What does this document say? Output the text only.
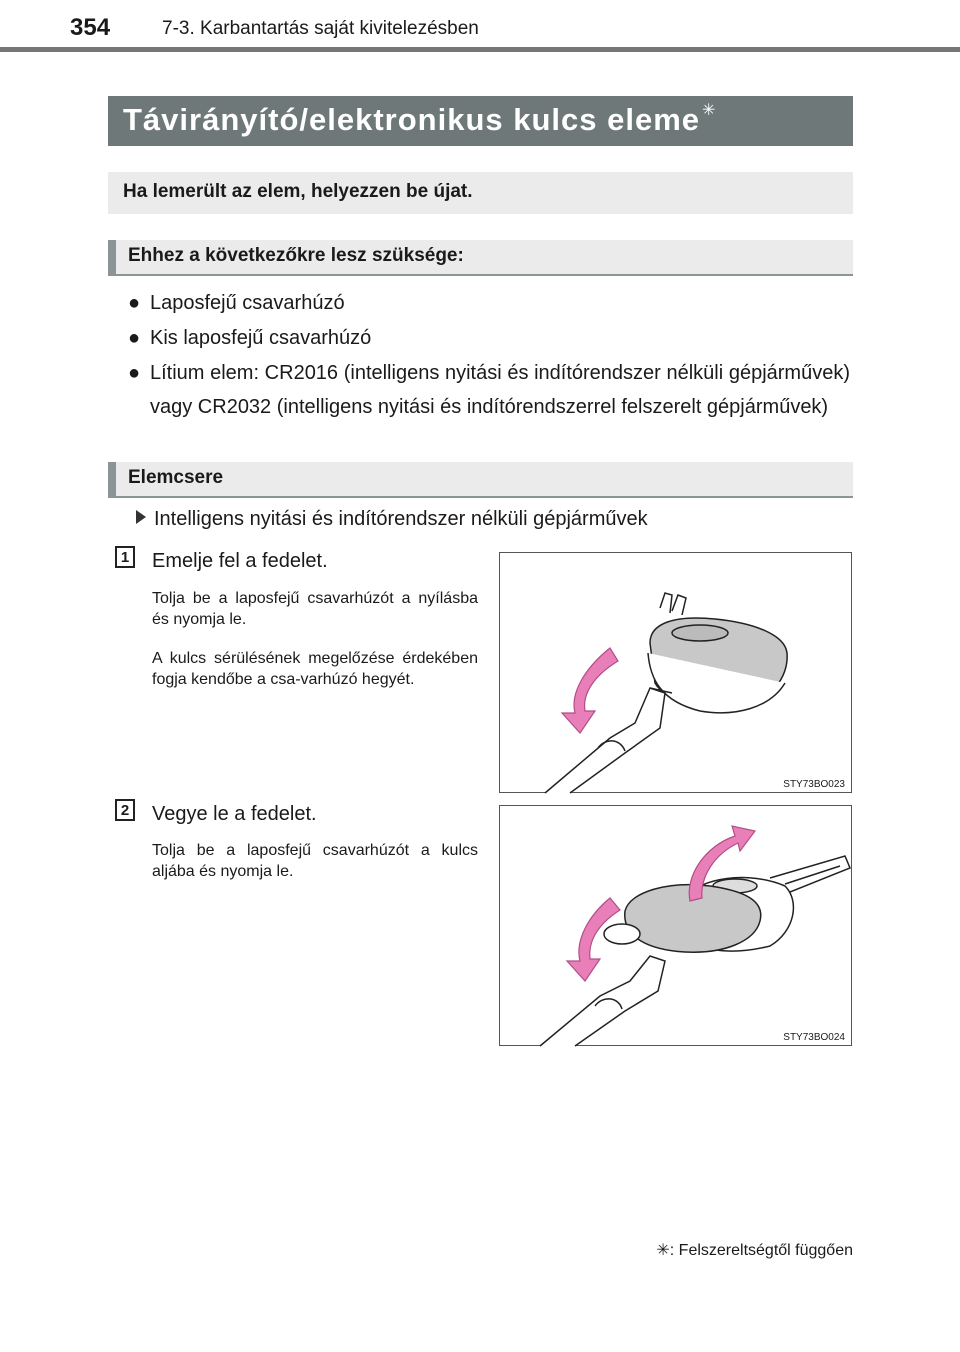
354	7-3. Karbantartás saját kivitelezésben
Távirányító/elektronikus kulcs eleme ✳
Ha lemerült az elem, helyezzen be újat.
Ehhez a következőkre lesz szüksége:
● Laposfejű csavarhúzó
● Kis laposfejű csavarhúzó
● Lítium elem: CR2016 (intelligens nyitási és indítórendszer nélküli gépjárművek) vagy CR2032 (intelligens nyitási és indítórendszerrel felszerelt gépjárművek)
Elemcsere
Intelligens nyitási és indítórendszer nélküli gépjárművek
1 Emelje fel a fedelet.

Tolja be a laposfejű csavarhúzót a nyílásba és nyomja le.

A kulcs sérülésének megelőzése érdekében fogja kendőbe a csa-varhúzó hegyét.

STY73BO023
2 Vegye le a fedelet.

Tolja be a laposfejű csavarhúzót a kulcs aljába és nyomja le.

STY73BO024
✳: Felszereltségtől függően
